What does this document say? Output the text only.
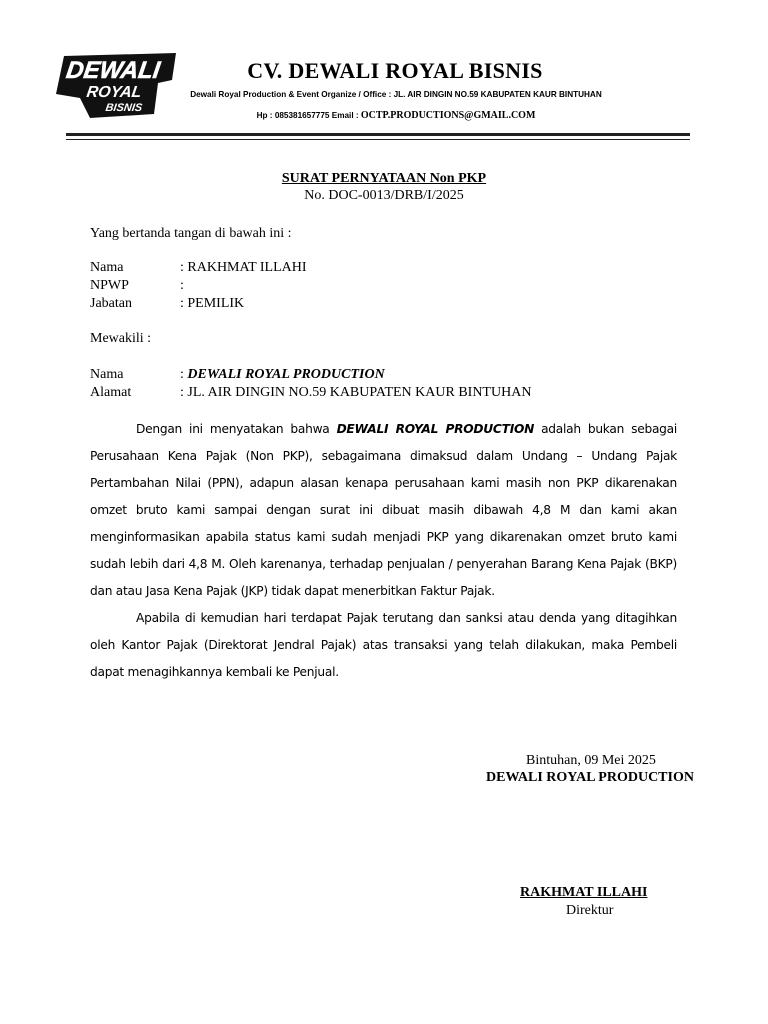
DEWALI
ROYAL
BISNIS
CV. DEWALI ROYAL BISNIS
Dewali Royal Production & Event Organize / Office : JL. AIR DINGIN NO.59 KABUPATEN KAUR BINTUHAN
Hp : 085381657775 Email : OCTP.PRODUCTIONS@GMAIL.COM
SURAT PERNYATAAN Non PKP
No. DOC-0013/DRB/I/2025
Yang bertanda tangan di bawah ini :
Nama	: RAKHMAT ILLAHI
NPWP	:
Jabatan	: PEMILIK
Mewakili :
Nama	: DEWALI ROYAL PRODUCTION
Alamat	: JL. AIR DINGIN NO.59 KABUPATEN KAUR BINTUHAN

Dengan ini menyatakan bahwa DEWALI ROYAL PRODUCTION adalah bukan sebagai Perusahaan Kena Pajak (Non PKP), sebagaimana dimaksud dalam Undang – Undang Pajak Pertambahan Nilai (PPN), adapun alasan kenapa perusahaan kami masih non PKP dikarenakan omzet bruto kami sampai dengan surat ini dibuat masih dibawah 4,8 M dan kami akan menginformasikan apabila status kami sudah menjadi PKP yang dikarenakan omzet bruto kami sudah lebih dari 4,8 M. Oleh karenanya, terhadap penjualan / penyerahan Barang Kena Pajak (BKP) dan atau Jasa Kena Pajak (JKP) tidak dapat menerbitkan Faktur Pajak.

Apabila di kemudian hari terdapat Pajak terutang dan sanksi atau denda yang ditagihkan oleh Kantor Pajak (Direktorat Jendral Pajak) atas transaksi yang telah dilakukan, maka Pembeli dapat menagihkannya kembali ke Penjual.

Bintuhan, 09 Mei 2025
DEWALI ROYAL PRODUCTION
RAKHMAT ILLAHI
Direktur
